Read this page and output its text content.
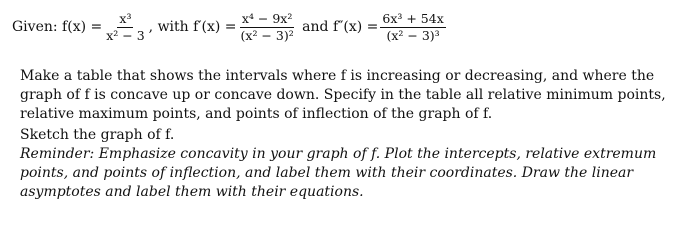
Given: $f(x) = \frac{\text{x³}}{\text{x² − 3}}$ , with $f'(x) = \frac{\text{x⁴ − 9x²}}{\text{(x² − 3)²}}$ and $f''(x) = \frac{\text{6x³ + 54x}}{\text{(x² − 3)³}}$

Make a table that shows the intervals where f is increasing or decreasing, and where the graph of f is concave up or concave down. Specify in the table all relative minimum points, relative maximum points, and points of inflection of the graph of f.

Sketch the graph of f.

Reminder: Emphasize concavity in your graph of f. Plot the intercepts, relative extremum points, and points of inflection, and label them with their coordinates. Draw the linear asymptotes and label them with their equations.
